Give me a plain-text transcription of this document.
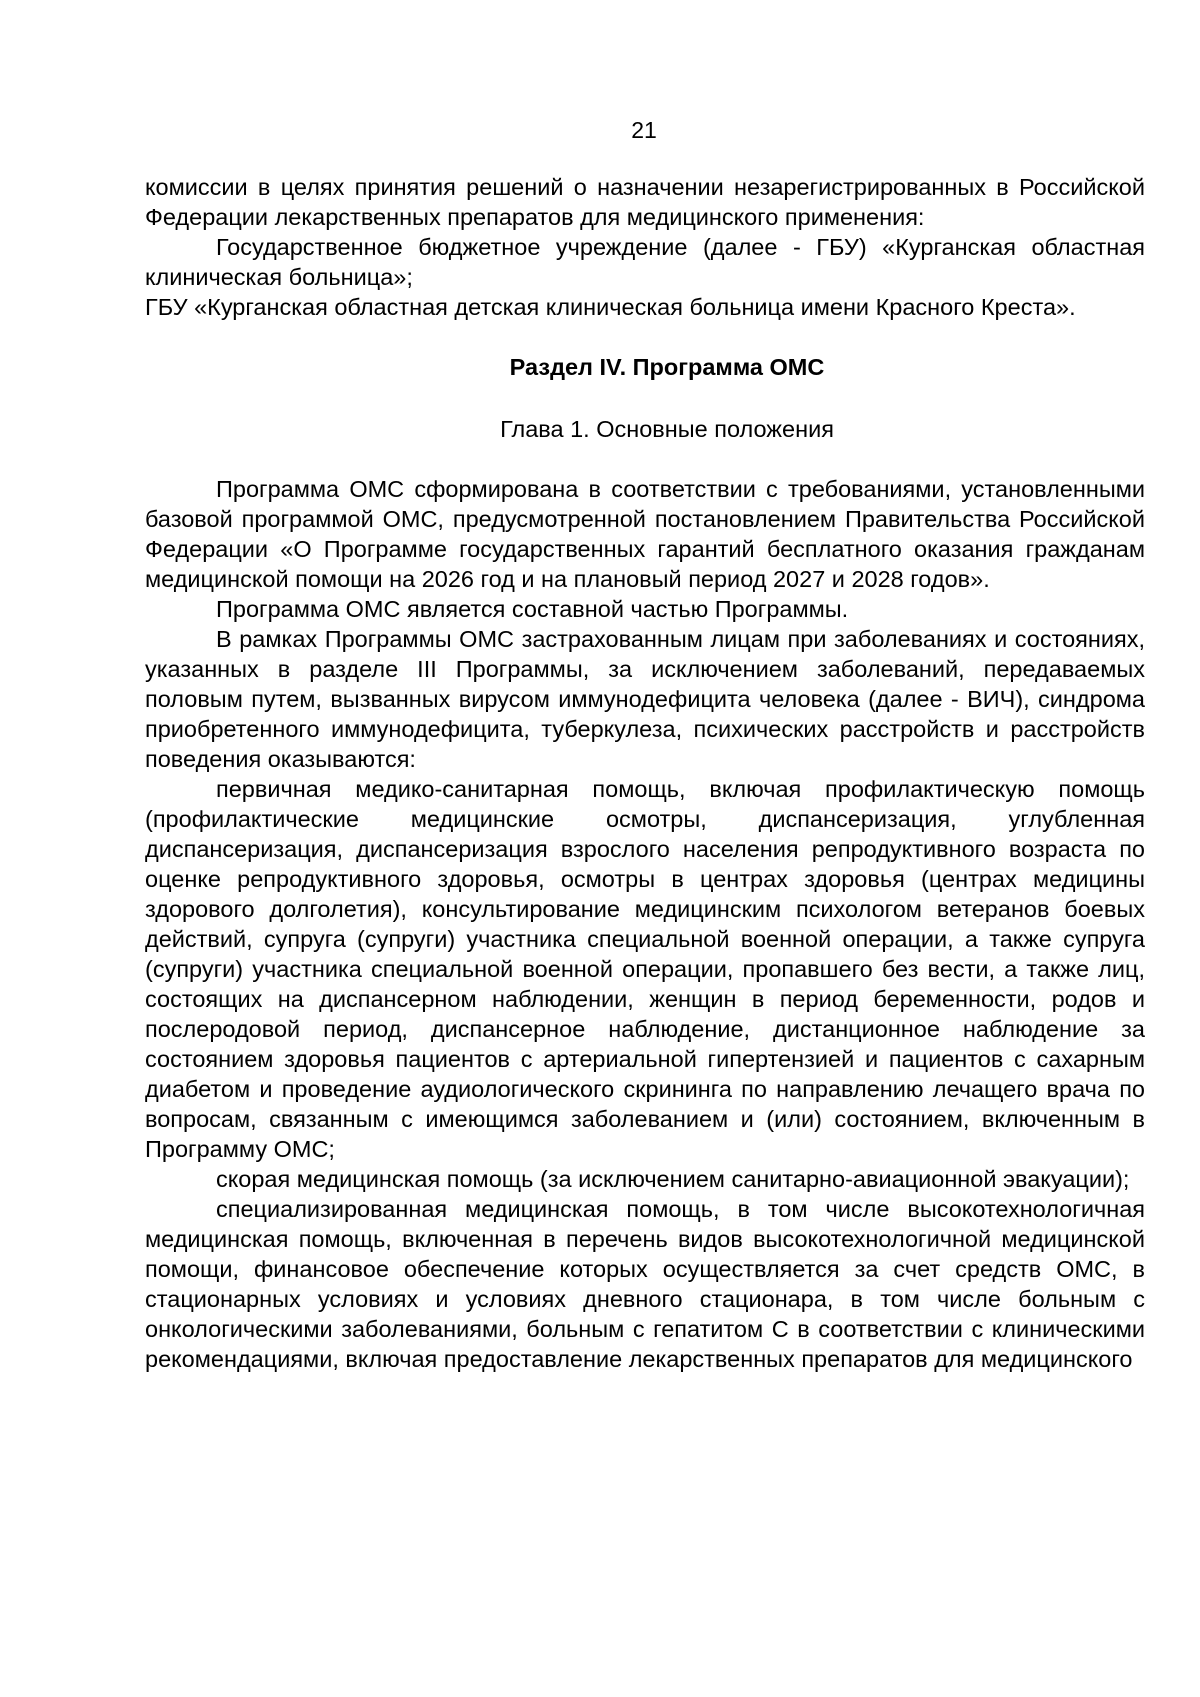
21

комиссии в целях принятия решений о назначении незарегистрированных в Российской Федерации лекарственных препаратов для медицинского применения:

Государственное бюджетное учреждение (далее - ГБУ) «Курганская областная клиническая больница»;

ГБУ «Курганская областная детская клиническая больница имени Красного Креста».

Раздел IV. Программа ОМС

Глава 1. Основные положения

Программа ОМС сформирована в соответствии с требованиями, установленными базовой программой ОМС, предусмотренной постановлением Правительства Российской Федерации «О Программе государственных гарантий бесплатного оказания гражданам медицинской помощи на 2026 год и на плановый период 2027 и 2028 годов».

Программа ОМС является составной частью Программы.

В рамках Программы ОМС застрахованным лицам при заболеваниях и состояниях, указанных в разделе III Программы, за исключением заболеваний, передаваемых половым путем, вызванных вирусом иммунодефицита человека (далее - ВИЧ), синдрома приобретенного иммунодефицита, туберкулеза, психических расстройств и расстройств поведения оказываются:

первичная медико-санитарная помощь, включая профилактическую помощь (профилактические медицинские осмотры, диспансеризация, углубленная диспансеризация, диспансеризация взрослого населения репродуктивного возраста по оценке репродуктивного здоровья, осмотры в центрах здоровья (центрах медицины здорового долголетия), консультирование медицинским психологом ветеранов боевых действий, супруга (супруги) участника специальной военной операции, а также супруга (супруги) участника специальной военной операции, пропавшего без вести, а также лиц, состоящих на диспансерном наблюдении, женщин в период беременности, родов и послеродовой период, диспансерное наблюдение, дистанционное наблюдение за состоянием здоровья пациентов с артериальной гипертензией и пациентов с сахарным диабетом и проведение аудиологического скрининга по направлению лечащего врача по вопросам, связанным с имеющимся заболеванием и (или) состоянием, включенным в Программу ОМС;

скорая медицинская помощь (за исключением санитарно-авиационной эвакуации);

специализированная медицинская помощь, в том числе высокотехнологичная медицинская помощь, включенная в перечень видов высокотехнологичной медицинской помощи, финансовое обеспечение которых осуществляется за счет средств ОМС, в стационарных условиях и условиях дневного стационара, в том числе больным с онкологическими заболеваниями, больным с гепатитом С в соответствии с клиническими рекомендациями, включая предоставление лекарственных препаратов для медицинского
